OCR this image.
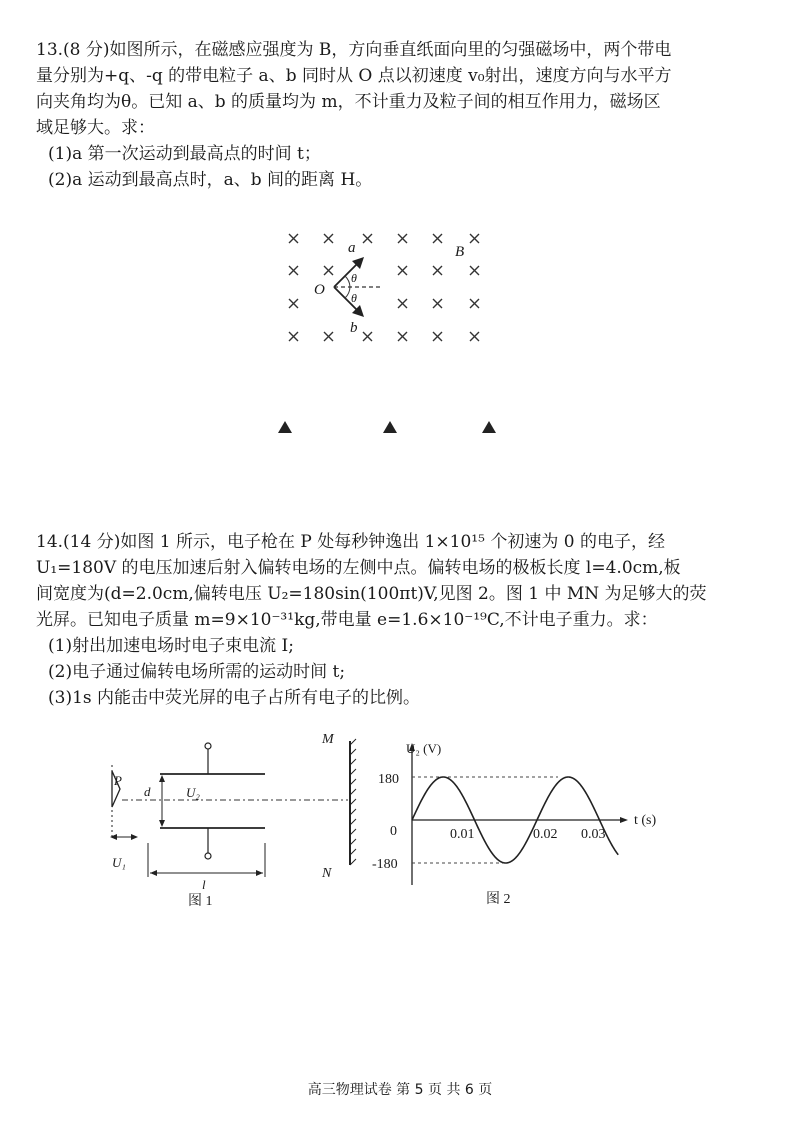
13.(8 分)如图所示，在磁感应强度为 B，方向垂直纸面向里的匀强磁场中，两个带电
量分别为+q、-q 的带电粒子 a、b 同时从 O 点以初速度 v₀射出，速度方向与水平方
向夹角均为θ。已知 a、b 的质量均为 m，不计重力及粒子间的相互作用力，磁场区
域足够大。求：
(1)a 第一次运动到最高点的时间 t；
(2)a 运动到最高点时，a、b 间的距离 H。
a
b
O
B
θ
θ
14.(14 分)如图 1 所示，电子枪在 P 处每秒钟逸出 1×10¹⁵ 个初速为 0 的电子，经
U₁=180V 的电压加速后射入偏转电场的左侧中点。偏转电场的极板长度 l=4.0cm,板
间宽度为(d=2.0cm,偏转电压 U₂=180sin(100πt)V,见图 2。图 1 中 MN 为足够大的荧
光屏。已知电子质量 m=9×10⁻³¹kg,带电量 e=1.6×10⁻¹⁹C,不计电子重力。求：
(1)射出加速电场时电子束电流 I;
(2)电子通过偏转电场所需的运动时间 t;
(3)1s 内能击中荧光屏的电子占所有电子的比例。
P
d	U₂
U₁
l
M
N
图 1
U₂ (V)
t (s)
180
0
-180
0.01	0.02 0.03
图 2
高三物理试卷 第 5 页 共 6 页
